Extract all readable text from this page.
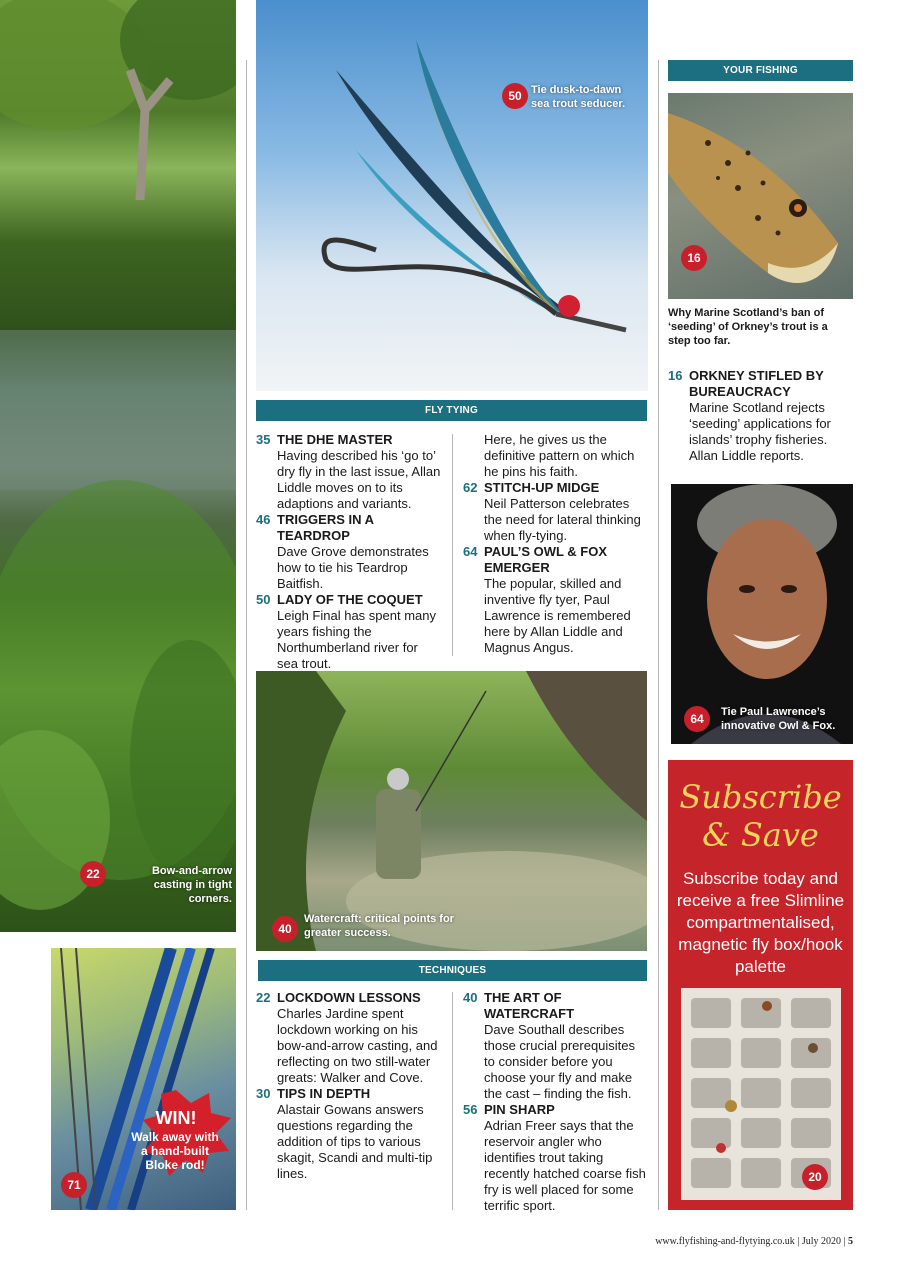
22	Bow-and-arrow casting in tight corners.
WIN!
Walk away with a hand-built Bloke rod!
71
50 Tie dusk-to-dawn sea trout seducer.
FLY TYING
35 THE DHE MASTER
Having described his ‘go to’ dry fly in the last issue, Allan Liddle moves on to its adaptions and variants.
46 TRIGGERS IN A TEARDROP
Dave Grove demonstrates how to tie his Teardrop Baitfish.
50 LADY OF THE COQUET
Leigh Final has spent many years fishing the Northumberland river for sea trout.
Here, he gives us the definitive pattern on which he pins his faith.
62 STITCH-UP MIDGE
Neil Patterson celebrates the need for lateral thinking when fly-tying.
64 PAUL’S OWL & FOX EMERGER
The popular, skilled and inventive fly tyer, Paul Lawrence is remembered here by Allan Liddle and Magnus Angus.
40
Watercraft: critical points for greater success.
TECHNIQUES
22 LOCKDOWN LESSONS
Charles Jardine spent lockdown working on his bow-and-arrow casting, and reflecting on two still-water greats: Walker and Cove.
30 TIPS IN DEPTH
Alastair Gowans answers questions regarding the addition of tips to various skagit, Scandi and multi-tip lines.
40 THE ART OF WATERCRAFT
Dave Southall describes those crucial prerequisites to consider before you choose your fly and make the cast – finding the fish.
56 PIN SHARP
Adrian Freer says that the reservoir angler who identifies trout taking recently hatched coarse fish fry is well placed for some terrific sport.
YOUR FISHING
16
Why Marine Scotland’s ban of ‘seeding’ of Orkney’s trout is a step too far.
16 ORKNEY STIFLED BY BUREAUCRACY
Marine Scotland rejects ‘seeding’ applications for islands’ trophy fisheries. Allan Liddle reports.
64	Tie Paul Lawrence’s innovative Owl & Fox.
Subscribe & Save
Subscribe today and receive a free Slimline compartmentalised, magnetic fly box/hook palette
20
www.flyfishing-and-flytying.co.uk | July 2020 | 5
